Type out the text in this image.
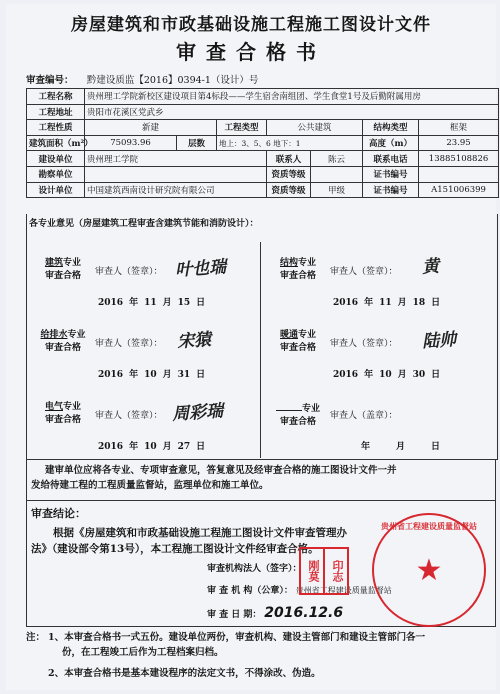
房屋建筑和市政基础设施工程施工图设计文件
审查合格书
审查编号： 黔建设质监【2016】0394-1（设计）号
工程名称	贵州理工学院新校区建设项目第4标段——学生宿舍南组团、学生食堂1号及后勤附属用房						
工程地址	贵阳市花溪区党武乡						
工程性质	新建		工程类型	公共建筑		结构类型	框架
建筑面积（m²）	75093.96	层数	地上：3、5、6 地下：1			高度（m）	23.95
建设单位	贵州理工学院			联系人	陈云	联系电话	13885108826
勘察单位				资质等级		证书编号	
设计单位	中国建筑西南设计研究院有限公司			资质等级	甲级	证书编号	A151006399
各专业意见（房屋建筑工程审查含建筑节能和消防设计）：
建筑专业
审查合格	审查人（签章）： 叶也瑞
2016 年 11 月 15 日
结构专业
审查合格	审查人（签章）： 黄
2016 年 11 月 18 日
给排水专业
审查合格	审查人（签章）： 宋猿
2016 年 10 月 31 日
暖通专业
审查合格	审查人（签章）： 陆帅
2016 年 10 月 30 日
电气专业
审查合格	审查人（签章）： 周彩瑞
2016 年 10 月 27 日
专业
审查合格
审查人（盖章）：
年	月	日
建审单位应将各专业、专项审查意见，答复意见及经审查合格的施工图设计文件一并
发给待建工程的工程质量监督站，监理单位和施工单位。
审查结论：
根据《房屋建筑和市政基础设施工程施工图设计文件审查管理办
法》（建设部令第13号），本工程施工图设计文件经审查合格。
审查机构法人（签字）：
审 查 机 构（公章）： 贵州省工程建设质量监督站
审 查 日 期： 2016.12.6
刚莫	印志
贵州省工程建设质量监督站
★
注： 1、本审查合格书一式五份。建设单位两份，审查机构、建设主管部门和建设主管部门各一
份，在工程竣工后作为工程档案归档。
2、本审查合格书是基本建设程序的法定文书，不得涂改、伪造。
